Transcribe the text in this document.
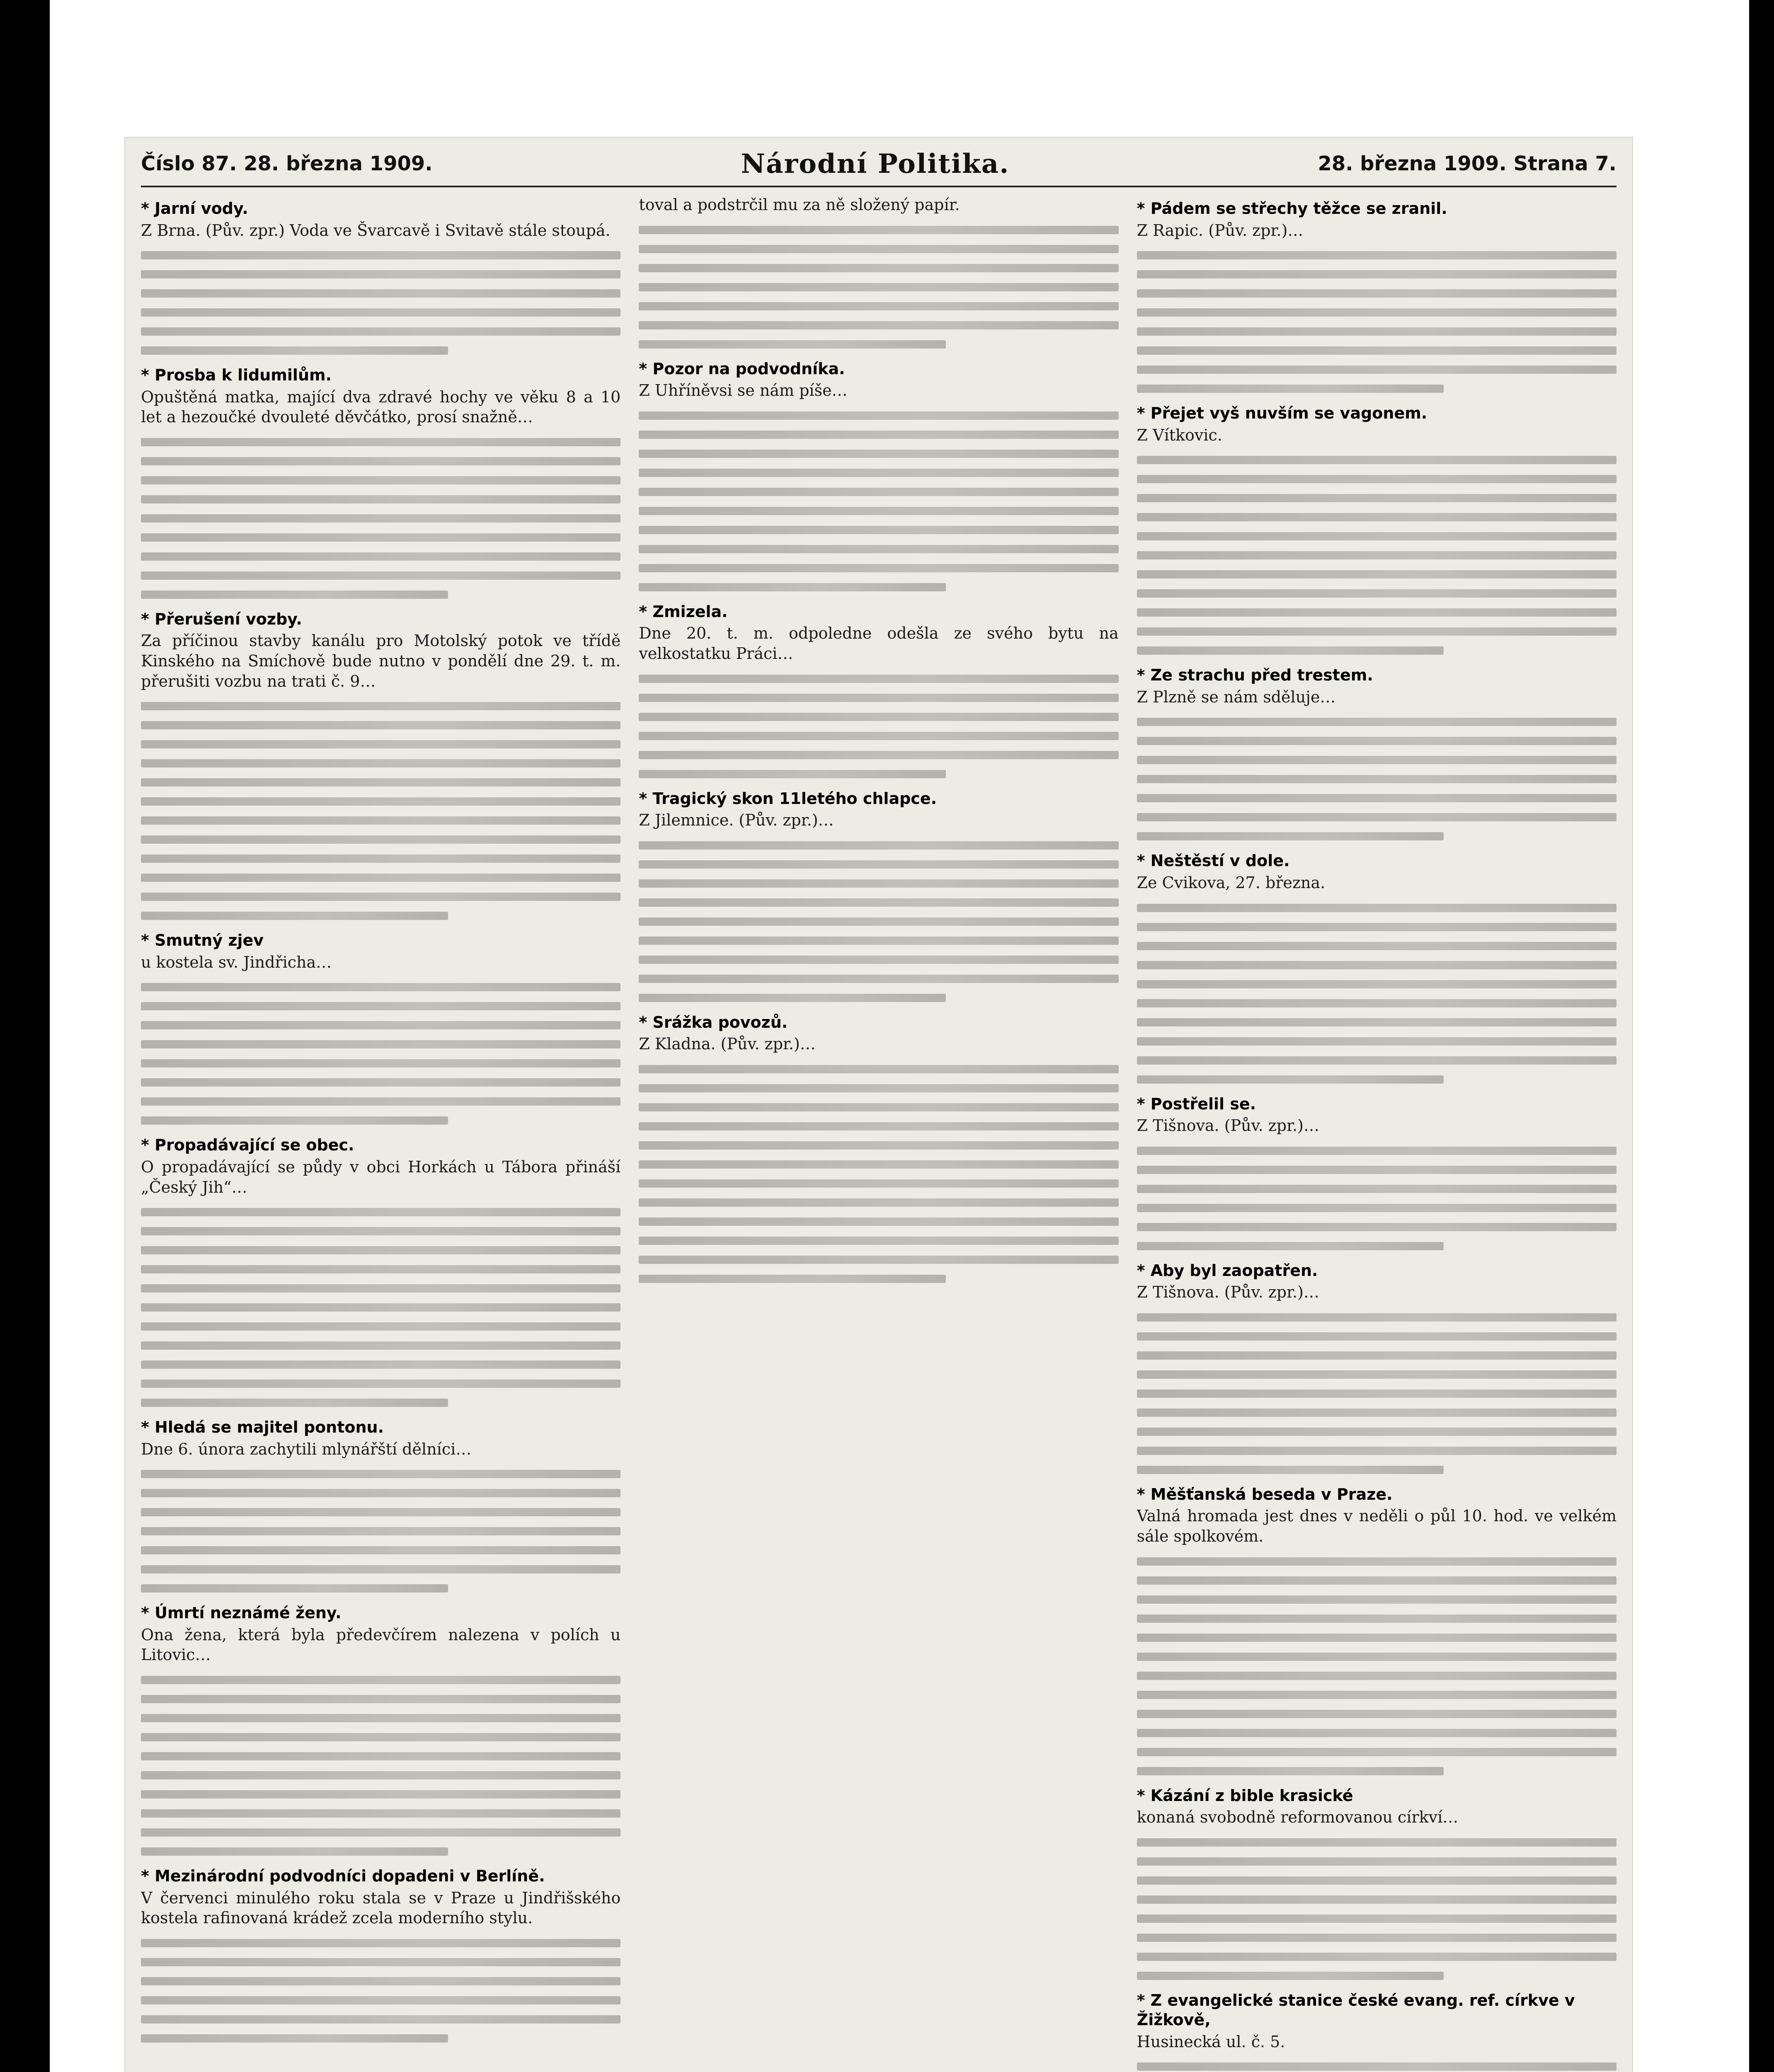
Číslo 87. 28. března 1909.	Národní Politika.	28. března 1909. Strana 7.
* Jarní vody.
Z Brna. (Pův. zpr.) Voda ve Švarcavě i Svitavě stále stoupá.
* Prosba k lidumilům.
Opuštěná matka, mající dva zdravé hochy ve věku 8 a 10 let a hezoučké dvouleté děvčátko, prosí snažně…
* Přerušení vozby.
Za příčinou stavby kanálu pro Motolský potok ve třídě Kinského na Smíchově bude nutno v pondělí dne 29. t. m. přerušiti vozbu na trati č. 9…
* Smutný zjev
u kostela sv. Jindřicha…
* Propadávající se obec.
O propadávající se půdy v obci Horkách u Tábora přináší „Český Jih“…
* Hledá se majitel pontonu.
Dne 6. února zachytili mlynářští dělníci…
* Úmrtí neznámé ženy.
Ona žena, která byla předevčírem nalezena v polích u Litovic…
* Mezinárodní podvodníci dopadeni v Berlíně.
V červenci minulého roku stala se v Praze u Jindřišského kostela rafinovaná krádež zcela moderního stylu.
toval a podstrčil mu za ně složený papír.
* Pozor na podvodníka.
Z Uhříněvsi se nám píše…
* Zmizela.
Dne 20. t. m. odpoledne odešla ze svého bytu na velkostatku Práci…
* Tragický skon 11letého chlapce.
Z Jilemnice. (Pův. zpr.)…
* Srážka povozů.
Z Kladna. (Pův. zpr.)…
* Pádem se střechy těžce se zranil.
Z Rapic. (Pův. zpr.)…
* Přejet vyš nuvším se vagonem.
Z Vítkovic.
* Ze strachu před trestem.
Z Plzně se nám sděluje…
* Neštěstí v dole.
Ze Cvikova, 27. března.
* Postřelil se.
Z Tišnova. (Pův. zpr.)…
* Aby byl zaopatřen.
Z Tišnova. (Pův. zpr.)…
* Měšťanská beseda v Praze.
Valná hromada jest dnes v neděli o půl 10. hod. ve velkém sále spolkovém.
* Kázání z bible krasické
konaná svobodně reformovanou církví…
* Z evangelické stanice české evang. ref. církve v Žižkově,
Husinecká ul. č. 5.
